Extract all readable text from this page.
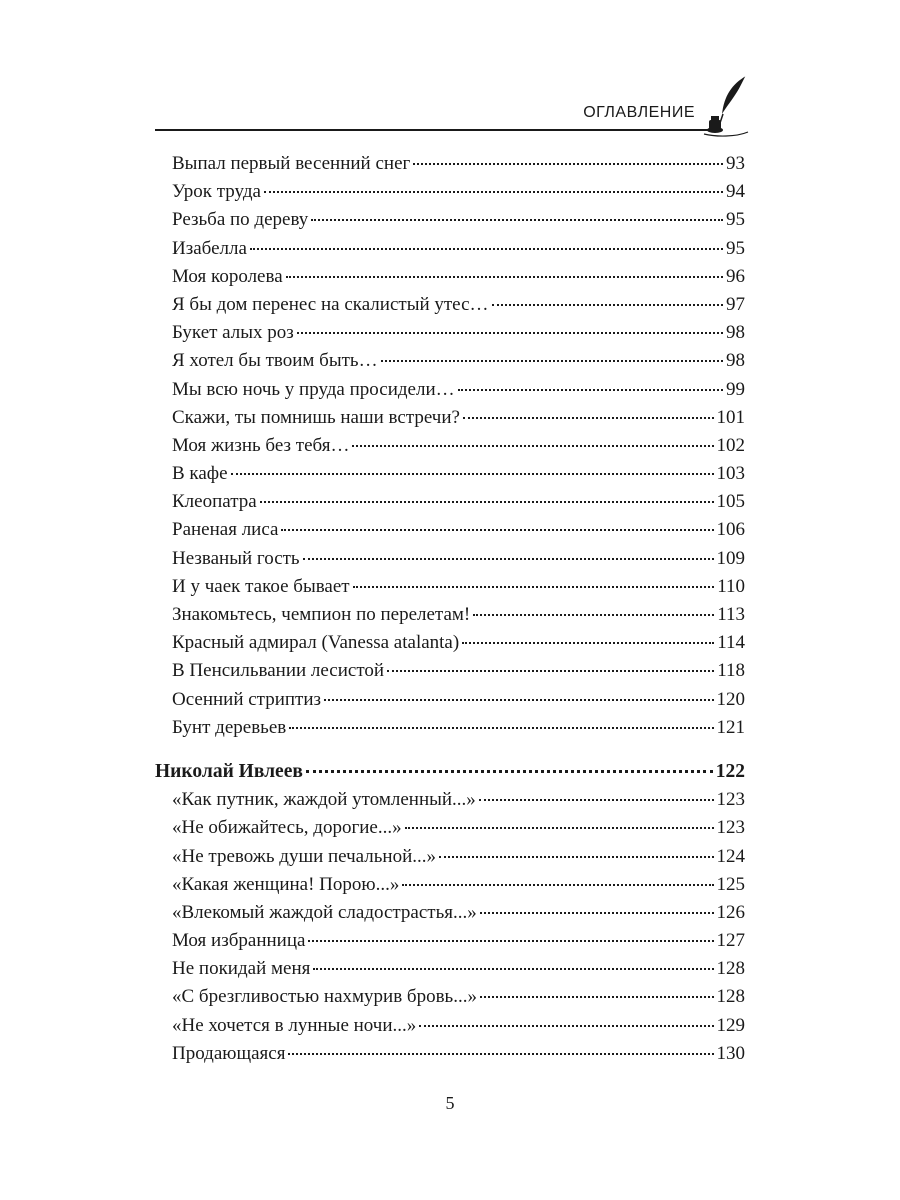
ОГЛАВЛЕНИЕ
Выпал первый весенний снег	93
Урок труда	94
Резьба по дереву	95
Изабелла	95
Моя королева	96
Я бы дом перенес на скалистый утес…	97
Букет алых роз	98
Я хотел бы твоим быть…	98
Мы всю ночь у пруда просидели…	99
Скажи, ты помнишь наши встречи?	101
Моя жизнь без тебя…	102
В кафе	103
Клеопатра	105
Раненая лиса	106
Незваный гость	109
И у чаек такое бывает	110
Знакомьтесь, чемпион по перелетам!	113
Красный адмирал (Vanessa atalanta)	114
В Пенсильвании лесистой	118
Осенний стриптиз	120
Бунт деревьев	121
Николай Ивлеев	122
«Как путник, жаждой утомленный...»	123
«Не обижайтесь, дорогие...»	123
«Не тревожь души печальной...»	124
«Какая женщина! Порою...»	125
«Влекомый жаждой сладострастья...»	126
Моя избранница	127
Не покидай меня	128
«С брезгливостью нахмурив бровь...»	128
«Не хочется в лунные ночи...»	129
Продающаяся	130
5
